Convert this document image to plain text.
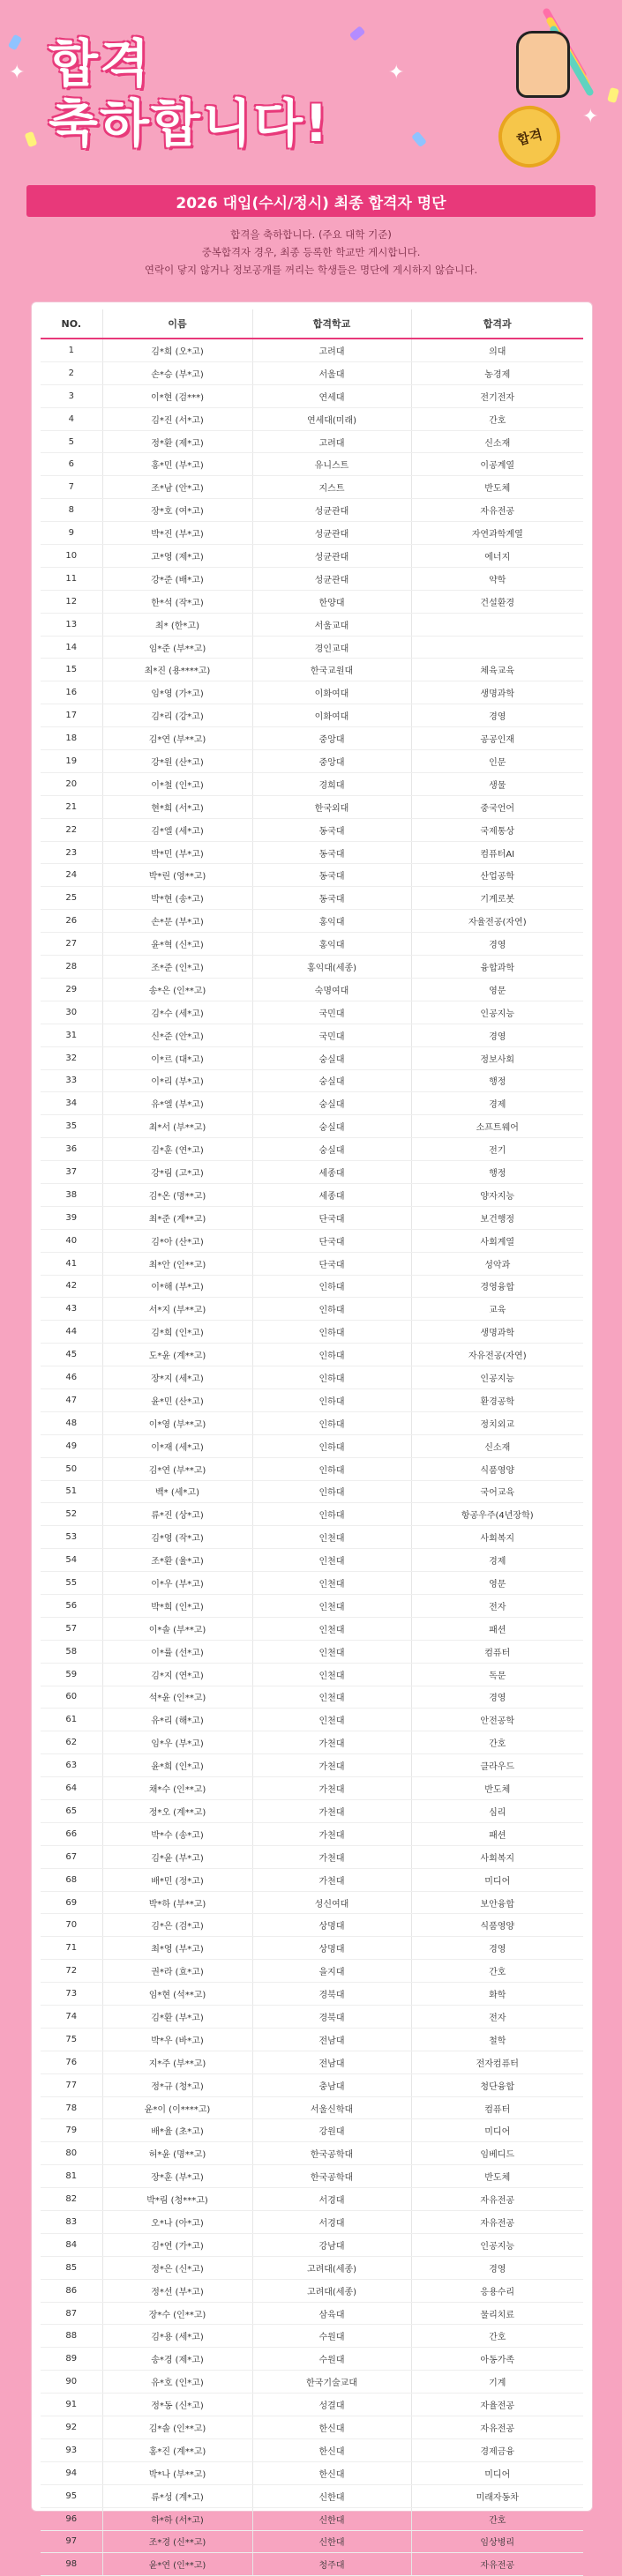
✦	✦
✦
합격
축하합니다!	합격
2026 대입(수시/정시) 최종 합격자 명단
합격을 축하합니다. (주요 대학 기준)
중복합격자 경우, 최종 등록한 학교만 게시합니다.
연락이 닿지 않거나 정보공개를 꺼리는 학생들은 명단에 게시하지 않습니다.
NO.	이름	합격학교	합격과
1	김*희 (오*고)	고려대	의대
2	손*승 (부*고)	서울대	농경제
3	이*현 (검***)	연세대	전기전자
4	김*진 (서*고)	연세대(미래)	간호
5	정*환 (제*고)	고려대	신소재
6	홍*민 (부*고)	유니스트	이공계열
7	조*남 (안*고)	지스트	반도체
8	장*호 (여*고)	성균관대	자유전공
9	박*진 (부*고)	성균관대	자연과학계열
10	고*영 (제*고)	성균관대	에너지
11	강*준 (배*고)	성균관대	약학
12	한*석 (작*고)	한양대	건설환경
13	최* (한*고)	서울교대	
14	임*준 (부**고)	경인교대	
15	최*진 (용****고)	한국교원대	체육교육
16	임*영 (가*고)	이화여대	생명과학
17	김*리 (강*고)	이화여대	경영
18	김*연 (부**고)	중앙대	공공인재
19	강*원 (산*고)	중앙대	인문
20	이*철 (인*고)	경희대	생물
21	현*희 (서*고)	한국외대	중국언어
22	김*엘 (세*고)	동국대	국제통상
23	박*민 (부*고)	동국대	컴퓨터AI
24	박*린 (영**고)	동국대	산업공학
25	박*현 (송*고)	동국대	기계로봇
26	손*문 (부*고)	홍익대	자율전공(자연)
27	윤*혁 (신*고)	홍익대	경영
28	조*준 (인*고)	홍익대(세종)	융합과학
29	송*은 (인**고)	숙명여대	영문
30	김*수 (세*고)	국민대	인공지능
31	신*준 (안*고)	국민대	경영
32	이*르 (대*고)	숭실대	정보사회
33	이*리 (부*고)	숭실대	행정
34	유*엘 (부*고)	숭실대	경제
35	최*서 (부**고)	숭실대	소프트웨어
36	김*훈 (연*고)	숭실대	전기
37	강*림 (고*고)	세종대	행정
38	김*온 (명**고)	세종대	양자지능
39	최*준 (계**고)	단국대	보건행정
40	김*아 (산*고)	단국대	사회계열
41	최*안 (인**고)	단국대	성악과
42	이*해 (부*고)	인하대	경영융합
43	서*지 (부**고)	인하대	교육
44	김*희 (인*고)	인하대	생명과학
45	도*윤 (계**고)	인하대	자유전공(자연)
46	장*지 (세*고)	인하대	인공지능
47	윤*민 (산*고)	인하대	환경공학
48	이*영 (부**고)	인하대	정치외교
49	이*재 (세*고)	인하대	신소재
50	김*연 (부**고)	인하대	식품영양
51	백* (세*고)	인하대	국어교육
52	류*진 (상*고)	인하대	항공우주(4년장학)
53	김*영 (작*고)	인천대	사회복지
54	조*환 (율*고)	인천대	경제
55	이*우 (부*고)	인천대	영문
56	박*희 (인*고)	인천대	전자
57	이*솔 (부**고)	인천대	패션
58	이*률 (선*고)	인천대	컴퓨터
59	김*지 (연*고)	인천대	독문
60	석*윤 (인**고)	인천대	경영
61	유*리 (해*고)	인천대	안전공학
62	임*우 (부*고)	가천대	간호
63	윤*희 (인*고)	가천대	클라우드
64	채*수 (인**고)	가천대	반도체
65	정*오 (계**고)	가천대	심리
66	박*수 (송*고)	가천대	패션
67	김*윤 (부*고)	가천대	사회복지
68	배*민 (정*고)	가천대	미디어
69	박*하 (부**고)	성신여대	보안융합
70	김*은 (검*고)	상명대	식품영양
71	최*영 (부*고)	상명대	경영
72	권*라 (효*고)	을지대	간호
73	임*현 (석**고)	경북대	화학
74	김*환 (부*고)	경북대	전자
75	박*우 (바*고)	전남대	철학
76	지*주 (부**고)	전남대	전자컴퓨터
77	정*규 (청*고)	충남대	청단융합
78	윤*이 (이****고)	서울신학대	컴퓨터
79	배*율 (초*고)	강원대	미디어
80	허*윤 (명**고)	한국공학대	임베디드
81	장*훈 (부*고)	한국공학대	반도체
82	박*림 (청***고)	서경대	자유전공
83	오*나 (아*고)	서경대	자유전공
84	김*연 (가*고)	강남대	인공지능
85	정*은 (신*고)	고려대(세종)	경영
86	정*선 (부*고)	고려대(세종)	응용수리
87	장*수 (인**고)	삼육대	물리치료
88	김*용 (세*고)	수원대	간호
89	송*경 (제*고)	수원대	아동가족
90	유*호 (인*고)	한국기술교대	기계
91	정*동 (신*고)	성결대	자율전공
92	김*솔 (인**고)	한신대	자유전공
93	홍*진 (계**고)	한신대	경제금융
94	박*나 (부**고)	한신대	미디어
95	류*성 (계*고)	신한대	미래자동차
96	하*하 (서*고)	신한대	간호
97	조*경 (신**고)	신한대	임상병리
98	윤*연 (인**고)	청주대	자유전공
